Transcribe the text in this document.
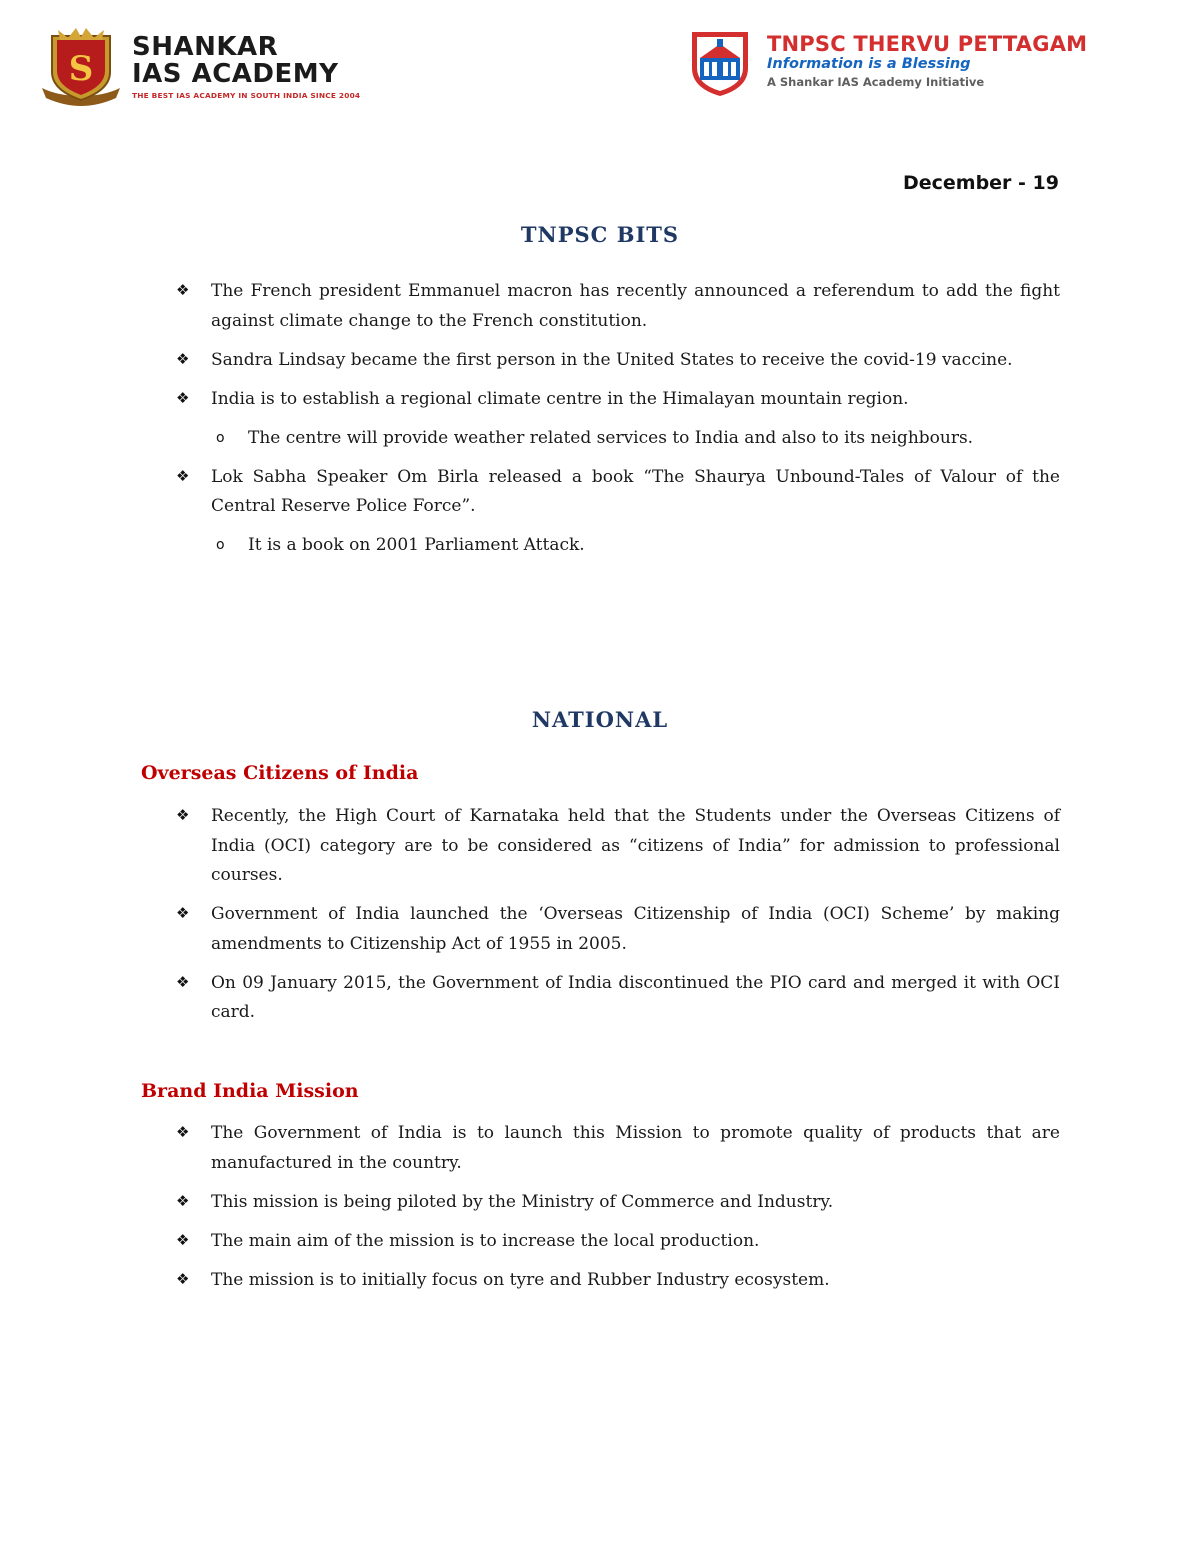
S
SHANKAR
IAS ACADEMY
THE BEST IAS ACADEMY IN SOUTH INDIA SINCE 2004
TNPSC THERVU PETTAGAM
Information is a Blessing
A Shankar IAS Academy Initiative
December - 19
TNPSC BITS
❖ The French president Emmanuel macron has recently announced a referendum to add the fight against climate change to the French constitution.
❖ Sandra Lindsay became the first person in the United States to receive the covid-19 vaccine.
❖ India is to establish a regional climate centre in the Himalayan mountain region.
o The centre will provide weather related services to India and also to its neighbours.
❖ Lok Sabha Speaker Om Birla released a book “The Shaurya Unbound-Tales of Valour of the Central Reserve Police Force”.
o It is a book on 2001 Parliament Attack.
NATIONAL
Overseas Citizens of India
❖ Recently, the High Court of Karnataka held that the Students under the Overseas Citizens of India (OCI) category are to be considered as “citizens of India” for admission to professional courses.
❖ Government of India launched the ‘Overseas Citizenship of India (OCI) Scheme’ by making amendments to Citizenship Act of 1955 in 2005.
❖ On 09 January 2015, the Government of India discontinued the PIO card and merged it with OCI card.
Brand India Mission
❖ The Government of India is to launch this Mission to promote quality of products that are manufactured in the country.
❖ This mission is being piloted by the Ministry of Commerce and Industry.
❖ The main aim of the mission is to increase the local production.
❖ The mission is to initially focus on tyre and Rubber Industry ecosystem.
